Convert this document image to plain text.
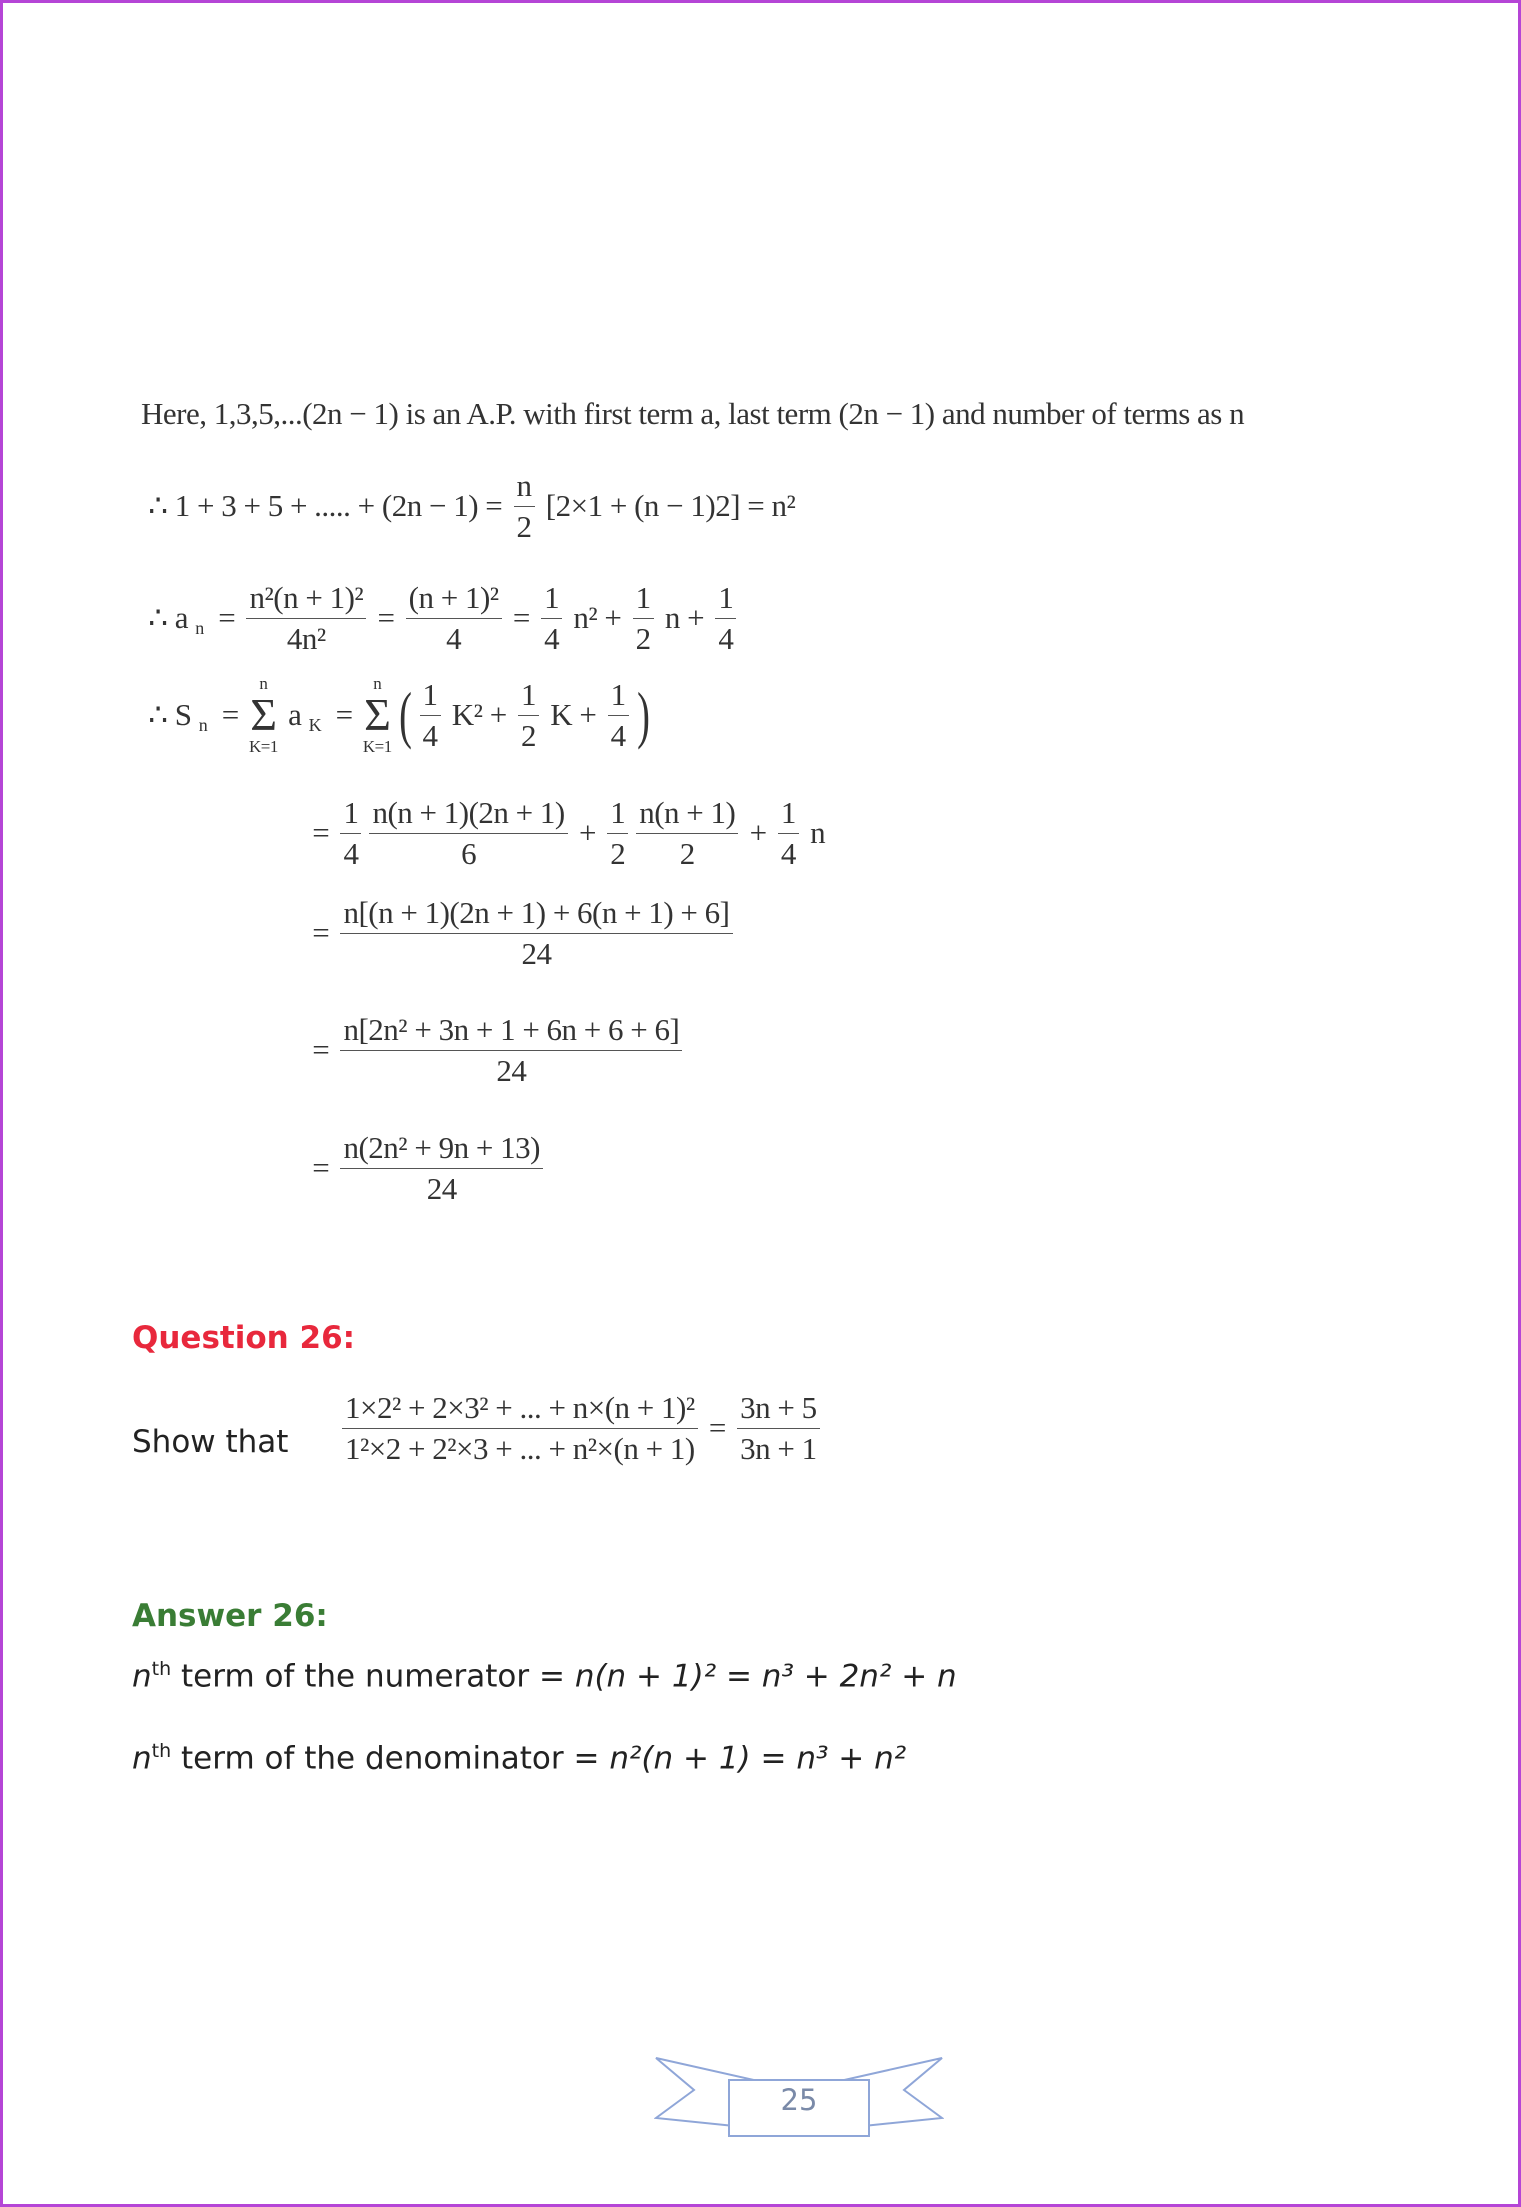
Here, 1,3,5,...(2n − 1) is an A.P. with first term a, last term (2n − 1) and number of terms as n
∴ 1 + 3 + 5 + ..... + $(2n - 1) = \frac{n}{2} [2\times 1 + (n - 1)2] = n^2$
∴ a $n = \frac{\text{n²(n + 1)²}}{\text{4n²}} = \frac{\text{(n + 1)²}}{4} = \frac{1}{4} n^2 + \frac{1}{2}$ $n + \frac{1}{4}$
∴ S n =
n
Σ
K=1
a K =
n
Σ
K=1 ( $\frac{1}{4} K^2 + \frac{1}{2}$ $K + \frac{1}{4}$ )
= $\frac{1}{4} \frac{n(n + 1)(2n + 1)}{6} + \frac{1}{2} \frac{n(n + 1)}{2} + \frac{1}{4}$ n
= $\frac{n[(n + 1)(2n + 1) + 6(n + 1) + 6]}{24}$
= $\frac{\text{n[2n² + 3n + 1 + 6n + 6 + 6]}}{24}$
= $\frac{\text{n(2n² + 9n + 13)}}{24}$
Question 26:
Show that $\frac{\text{1×2² + 2×3² + ... + n×(n + 1)²}}{\text{1²×2 + 2²×3 + ... + n²×(n + 1)}} = \frac{3n + 5}{3n + 1}$
Answer 26:
$n^{th}$ term of the numerator = n(n + 1)² = n³ + 2n² + n
$n^{th}$ term of the denominator = n²(n + 1) = n³ + n²
25
